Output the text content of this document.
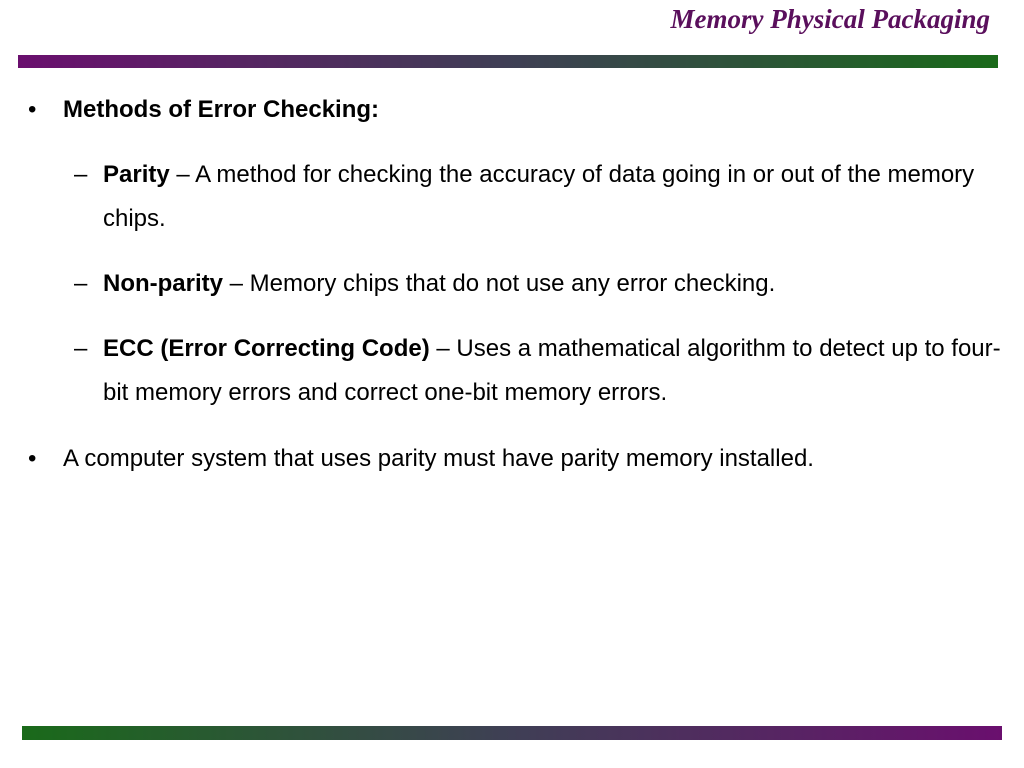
Memory Physical Packaging
•	Methods of Error Checking:
– Parity – A method for checking the accuracy of data going in or out of the memory chips.
– Non-parity – Memory chips that do not use any error checking.
– ECC (Error Correcting Code) – Uses a mathematical algorithm to detect up to four-bit memory errors and correct one-bit memory errors.
•	A computer system that uses parity must have parity memory installed.
